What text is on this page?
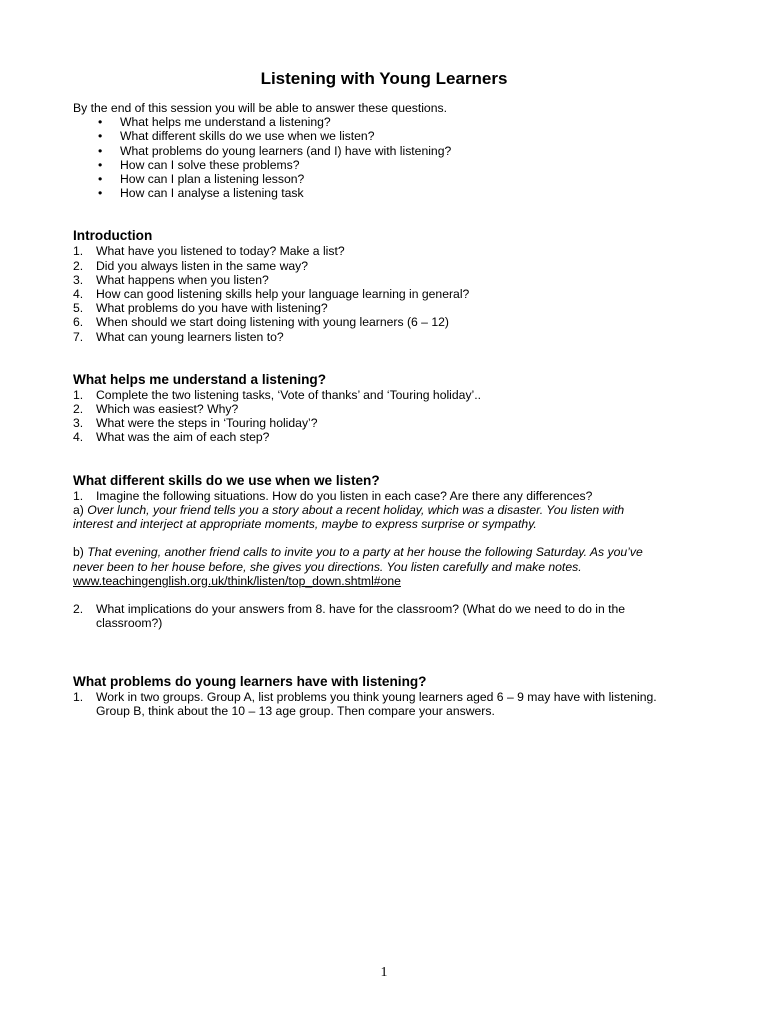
Listening with Young Learners

By the end of this session you will be able to answer these questions.

• What helps me understand a listening?
• What different skills do we use when we listen?
• What problems do young learners (and I) have with listening?
• How can I solve these problems?
• How can I plan a listening lesson?
• How can I analyse a listening task
Introduction
1. What have you listened to today? Make a list?
2. Did you always listen in the same way?
3. What happens when you listen?
4. How can good listening skills help your language learning in general?
5. What problems do you have with listening?
6. When should we start doing listening with young learners (6 – 12)
7. What can young learners listen to?
What helps me understand a listening?
1. Complete the two listening tasks, ‘Vote of thanks’ and ‘Touring holiday’..
2. Which was easiest? Why?
3. What were the steps in ‘Touring holiday’?
4. What was the aim of each step?
What different skills do we use when we listen?
1. Imagine the following situations. How do you listen in each case? Are there any differences?

a) Over lunch, your friend tells you a story about a recent holiday, which was a disaster. You listen with

interest and interject at appropriate moments, maybe to express surprise or sympathy.

b) That evening, another friend calls to invite you to a party at her house the following Saturday. As you’ve

never been to her house before, she gives you directions. You listen carefully and make notes.

www.teachingenglish.org.uk/think/listen/top_down.shtml#one

2. What implications do your answers from 8. have for the classroom? (What do we need to do in the
classroom?)
What problems do young learners have with listening?
1. Work in two groups. Group A, list problems you think young learners aged 6 – 9 may have with listening.
Group B, think about the 10 – 13 age group. Then compare your answers.
1
